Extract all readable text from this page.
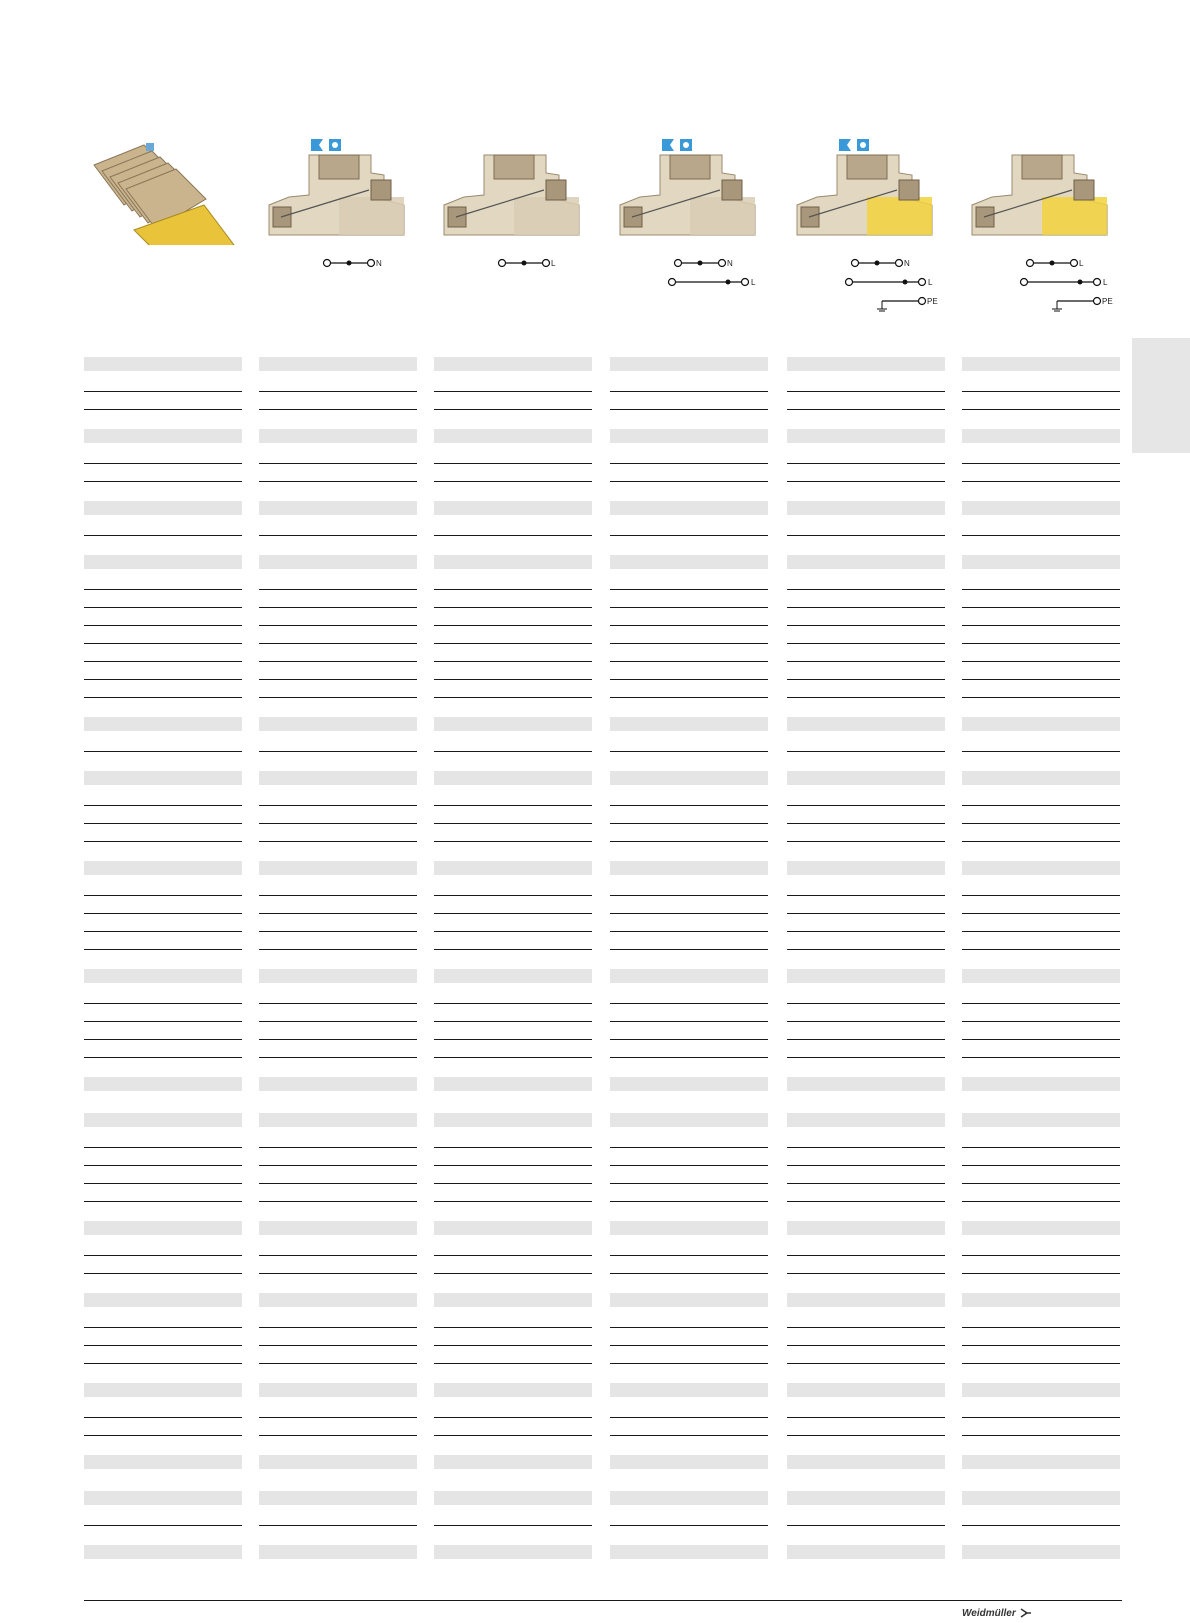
N	L	N
L
N
L
PE
L
L
PE
Weidmüller
